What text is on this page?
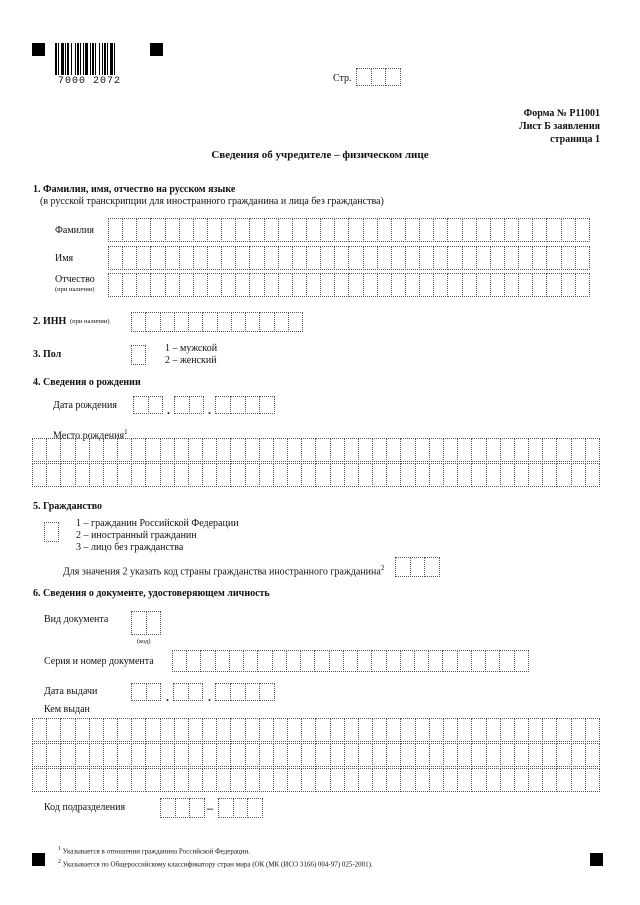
7000 2072	Стр.
Форма № Р11001
Лист Б заявления
страница 1
Сведения об учредителе – физическом лице
1. Фамилия, имя, отчество на русском языке
(в русской транскрипции для иностранного гражданина и лица без гражданства)
Фамилия
Имя
Отчество
(при наличии)
2. ИНН (при наличии)
3. Пол
1 – мужской
2 – женский
4. Сведения о рождении
Дата рождения	.	.
Место рождения$^1$
5. Гражданство
1 – гражданин Российской Федерации
2 – иностранный гражданин
3 – лицо без гражданства
Для значения 2 указать код страны гражданства иностранного гражданина$^2$
6. Сведения о документе, удостоверяющем личность
Вид документа
(код)
Серия и номер документа
Дата выдачи	.	.
Кем выдан
Код подразделения	–
$^1$ Указывается в отношении гражданина Российской Федерации.
$^2$ Указывается по Общероссийскому классификатору стран мира (ОК (МК (ИСО 3166) 004-97) 025-2001).
